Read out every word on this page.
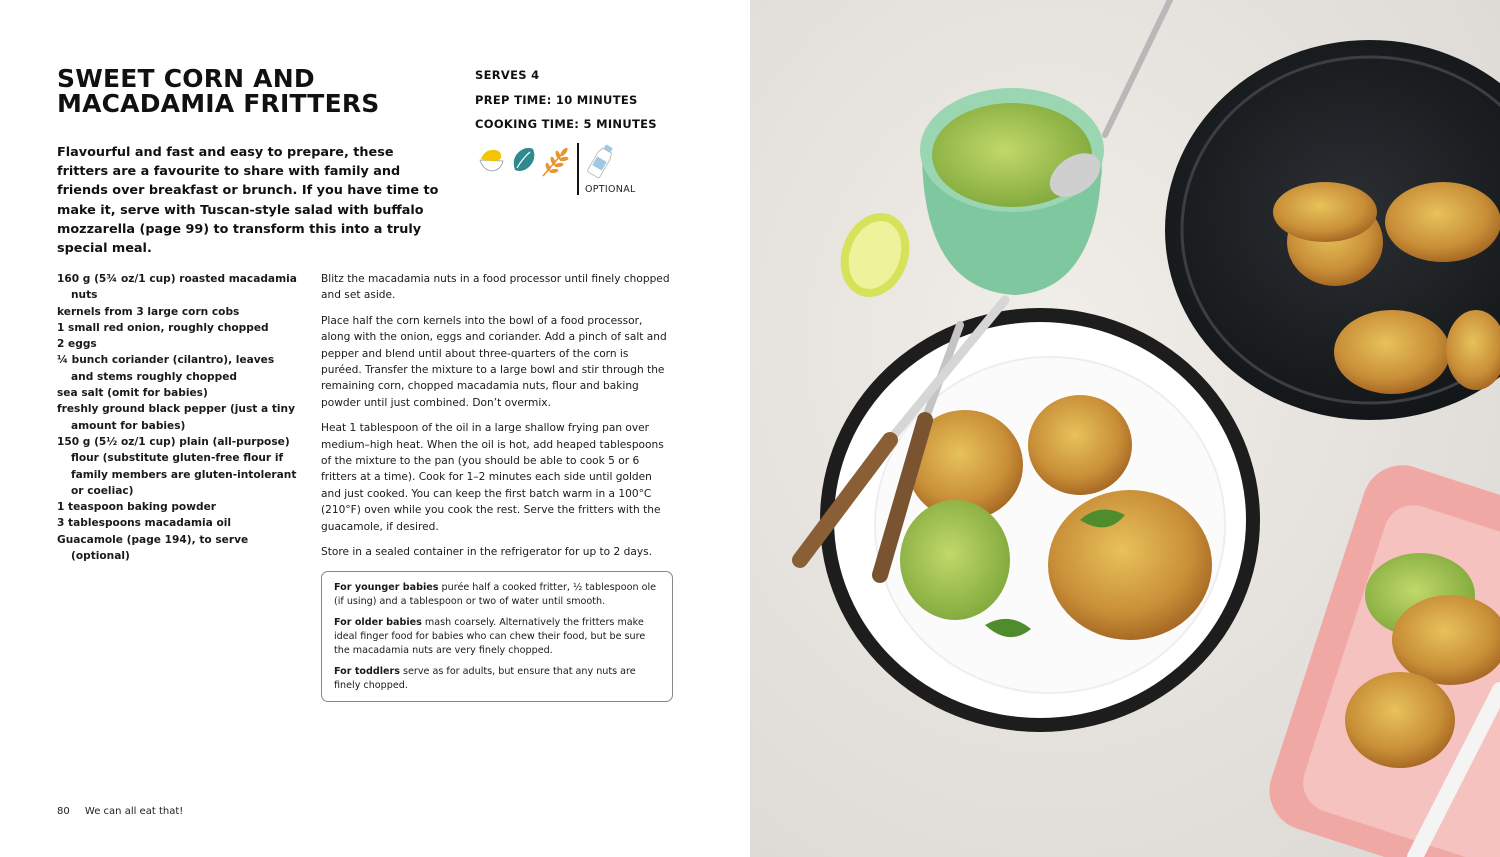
SWEET CORN AND
MACADAMIA FRITTERS
SERVES 4
PREP TIME: 10 MINUTES
COOKING TIME: 5 MINUTES
OPTIONAL

Flavourful and fast and easy to prepare, these fritters are a favourite to share with family and friends over breakfast or brunch. If you have time to make it, serve with Tuscan-style salad with buffalo mozzarella (page 99) to transform this into a truly special meal.

160 g (5¾ oz/1 cup) roasted macadamia nuts
kernels from 3 large corn cobs
1 small red onion, roughly chopped
2 eggs
¼ bunch coriander (cilantro), leaves and stems roughly chopped
sea salt (omit for babies)
freshly ground black pepper (just a tiny amount for babies)
150 g (5½ oz/1 cup) plain (all-purpose) flour (substitute gluten-free flour if family members are gluten-intolerant or coeliac)
1 teaspoon baking powder
3 tablespoons macadamia oil
Guacamole (page 194), to serve (optional)

Blitz the macadamia nuts in a food processor until finely chopped and set aside.

Place half the corn kernels into the bowl of a food processor, along with the onion, eggs and coriander. Add a pinch of salt and pepper and blend until about three-quarters of the corn is puréed. Transfer the mixture to a large bowl and stir through the remaining corn, chopped macadamia nuts, flour and baking powder until just combined. Don’t overmix.

Heat 1 tablespoon of the oil in a large shallow frying pan over medium–high heat. When the oil is hot, add heaped tablespoons of the mixture to the pan (you should be able to cook 5 or 6 fritters at a time). Cook for 1–2 minutes each side until golden and just cooked. You can keep the first batch warm in a 100°C (210°F) oven while you cook the rest. Serve the fritters with the guacamole, if desired.

Store in a sealed container in the refrigerator for up to 2 days.

For younger babies purée half a cooked fritter, ½ tablespoon ole (if using) and a tablespoon or two of water until smooth.

For older babies mash coarsely. Alternatively the fritters make ideal finger food for babies who can chew their food, but be sure the macadamia nuts are very finely chopped.

For toddlers serve as for adults, but ensure that any nuts are finely chopped.

80 We can all eat that!
